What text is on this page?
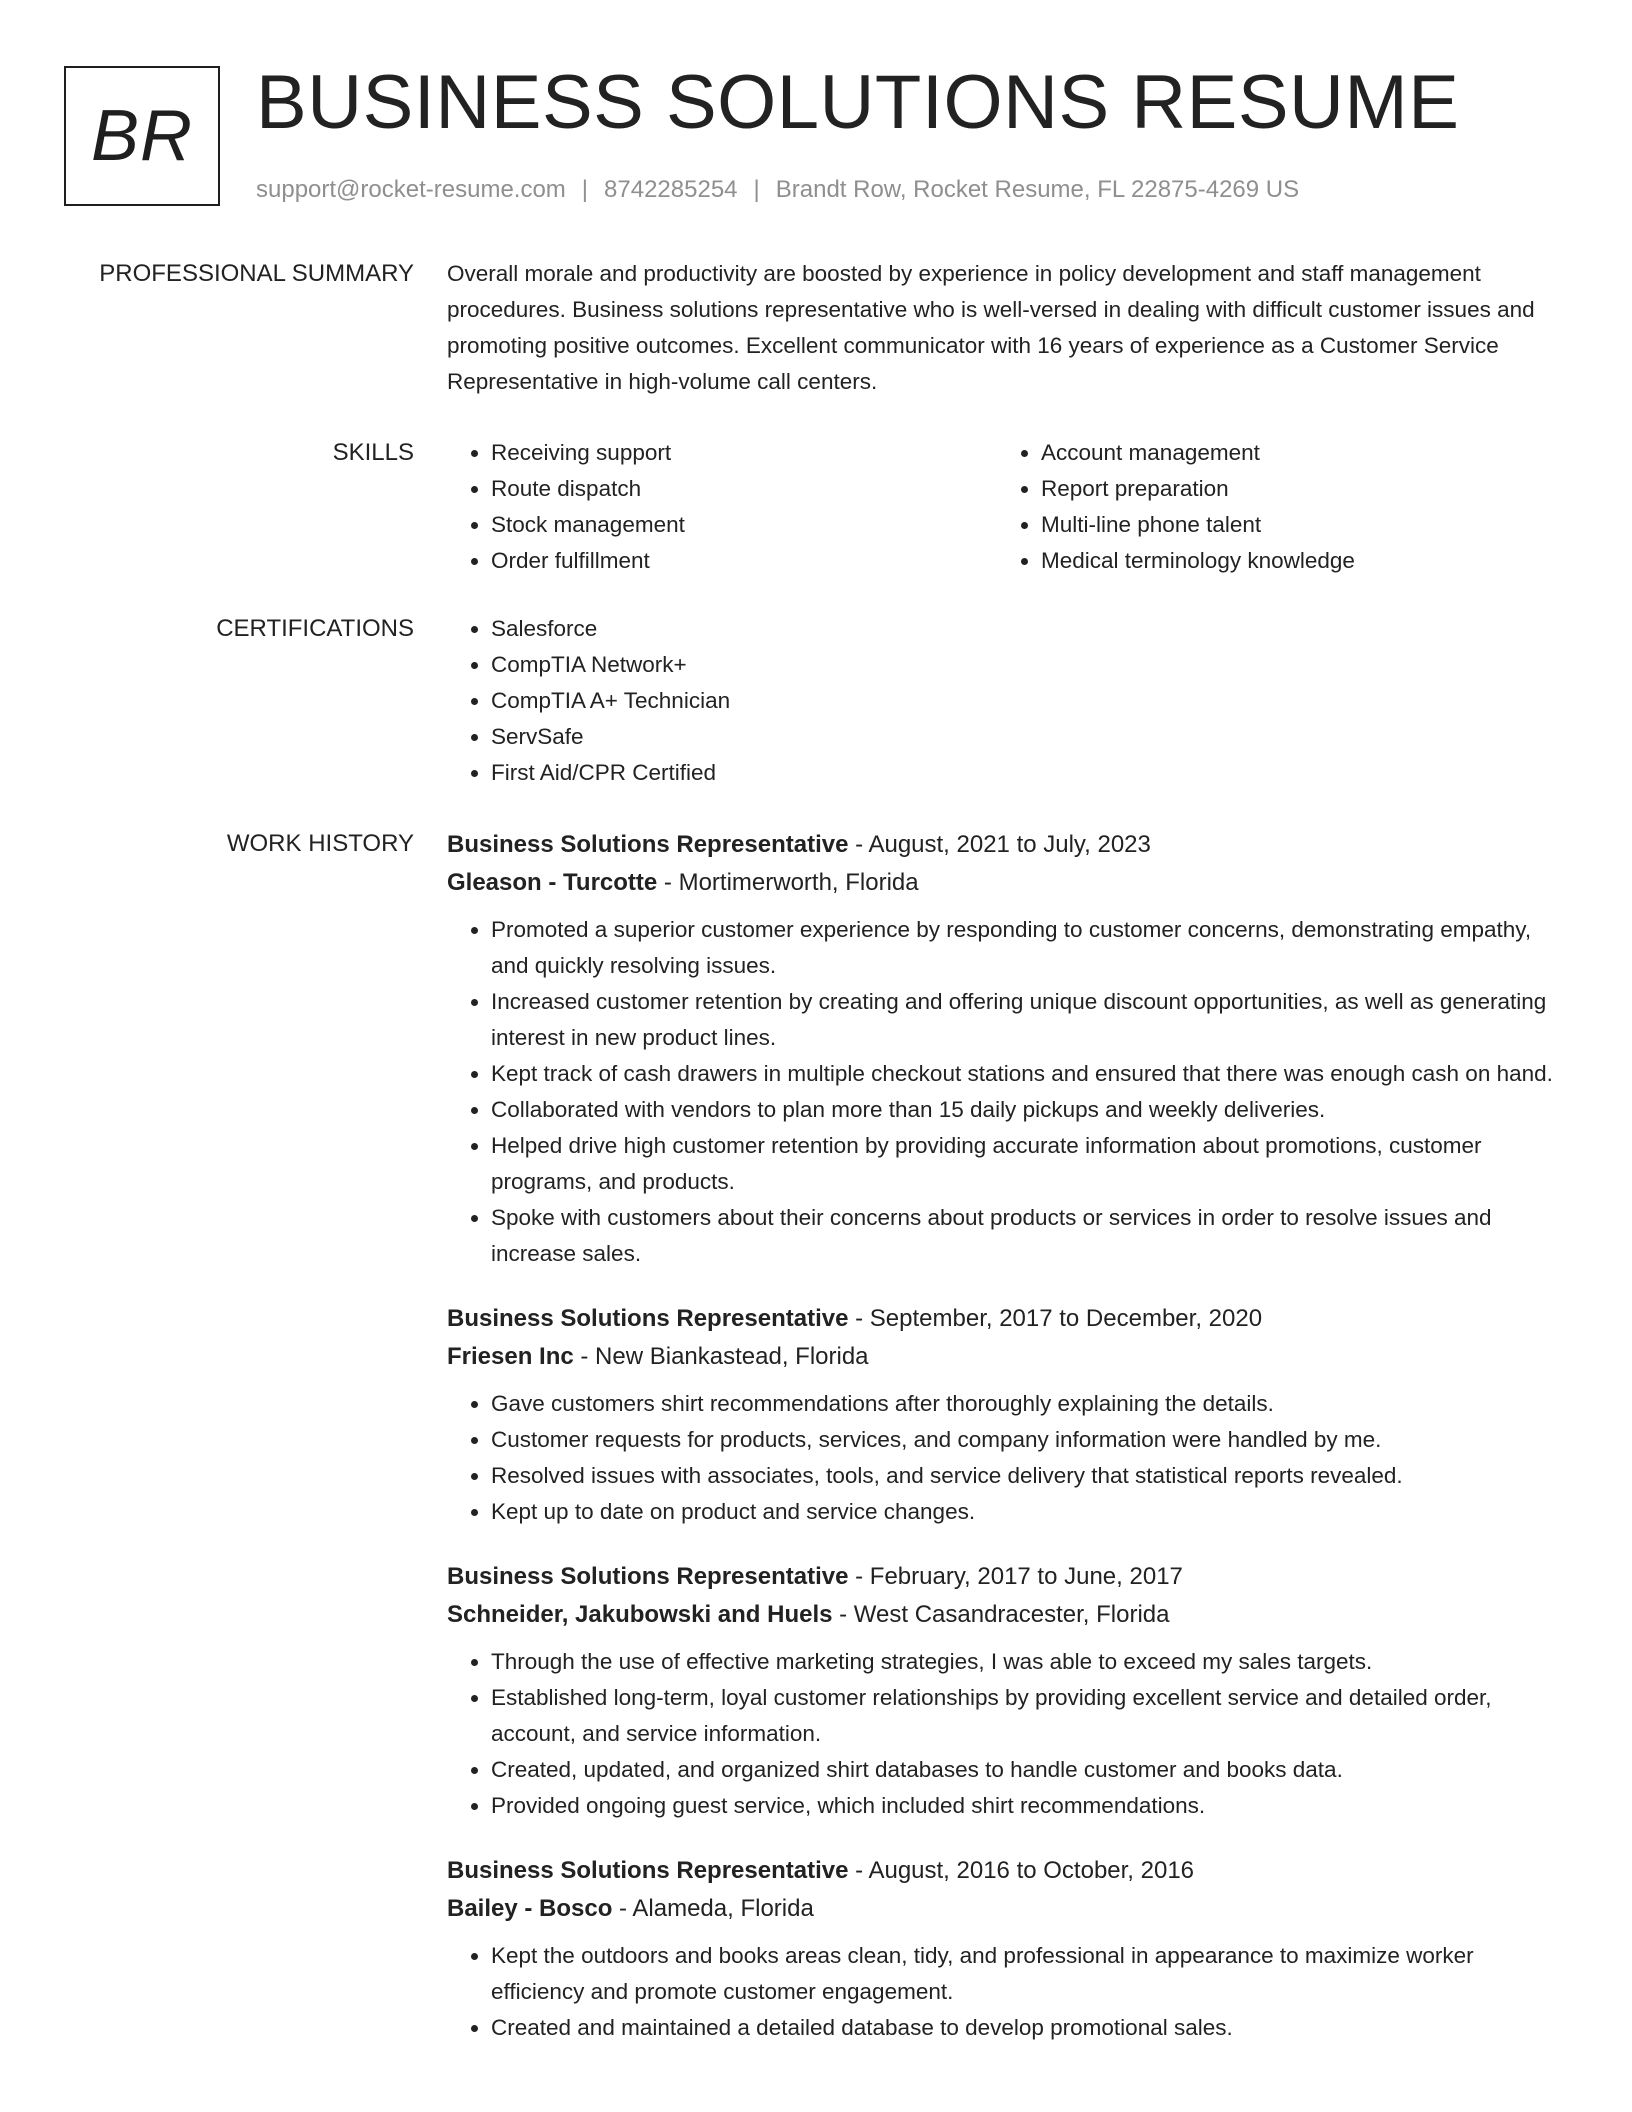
BR BUSINESS SOLUTIONS RESUME
support@rocket-resume.com | 8742285254 | Brandt Row, Rocket Resume, FL 22875-4269 US
PROFESSIONAL SUMMARY Overall morale and productivity are boosted by experience in policy development and staff management procedures. Business solutions representative who is well-versed in dealing with difficult customer issues and promoting positive outcomes. Excellent communicator with 16 years of experience as a Customer Service Representative in high-volume call centers.

SKILLS	• Receiving support
• Route dispatch
• Stock management
• Order fulfillment
• Account management
• Report preparation
• Multi-line phone talent
• Medical terminology knowledge
CERTIFICATIONS	• Salesforce
• CompTIA Network+
• CompTIA A+ Technician
• ServSafe
• First Aid/CPR Certified
WORK HISTORY Business Solutions Representative - August, 2021 to July, 2023
Gleason - Turcotte - Mortimerworth, Florida
• Promoted a superior customer experience by responding to customer concerns, demonstrating empathy, and quickly resolving issues.
• Increased customer retention by creating and offering unique discount opportunities, as well as generating interest in new product lines.
• Kept track of cash drawers in multiple checkout stations and ensured that there was enough cash on hand.
• Collaborated with vendors to plan more than 15 daily pickups and weekly deliveries.
• Helped drive high customer retention by providing accurate information about promotions, customer programs, and products.
• Spoke with customers about their concerns about products or services in order to resolve issues and increase sales.
Business Solutions Representative - September, 2017 to December, 2020
Friesen Inc - New Biankastead, Florida
• Gave customers shirt recommendations after thoroughly explaining the details.
• Customer requests for products, services, and company information were handled by me.
• Resolved issues with associates, tools, and service delivery that statistical reports revealed.
• Kept up to date on product and service changes.
Business Solutions Representative - February, 2017 to June, 2017
Schneider, Jakubowski and Huels - West Casandracester, Florida
• Through the use of effective marketing strategies, I was able to exceed my sales targets.
• Established long-term, loyal customer relationships by providing excellent service and detailed order, account, and service information.
• Created, updated, and organized shirt databases to handle customer and books data.
• Provided ongoing guest service, which included shirt recommendations.
Business Solutions Representative - August, 2016 to October, 2016
Bailey - Bosco - Alameda, Florida
• Kept the outdoors and books areas clean, tidy, and professional in appearance to maximize worker efficiency and promote customer engagement.
• Created and maintained a detailed database to develop promotional sales.
